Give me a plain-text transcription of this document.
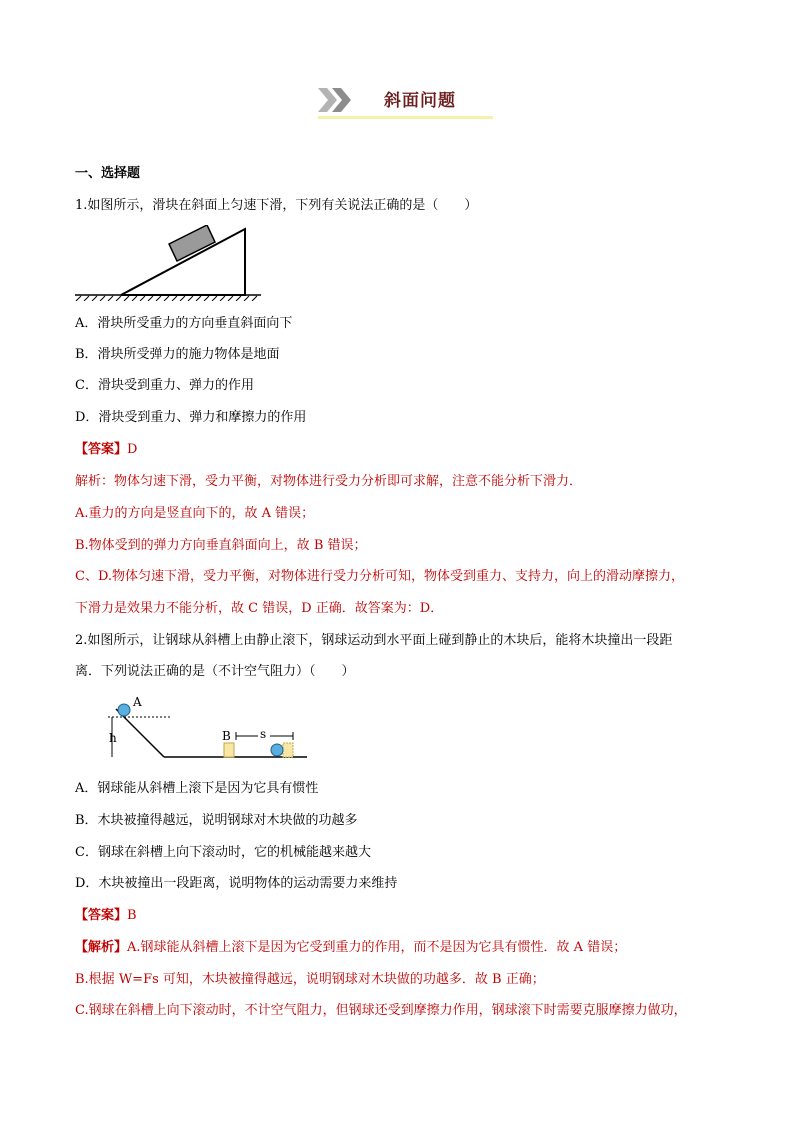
斜面问题
一、选择题
1.如图所示，滑块在斜面上匀速下滑，下列有关说法正确的是（　　）
A．滑块所受重力的方向垂直斜面向下
B．滑块所受弹力的施力物体是地面
C．滑块受到重力、弹力的作用
D．滑块受到重力、弹力和摩擦力的作用
【答案】D
解析：物体匀速下滑，受力平衡，对物体进行受力分析即可求解，注意不能分析下滑力．
A.重力的方向是竖直向下的，故 A 错误；
B.物体受到的弹力方向垂直斜面向上，故 B 错误；
C、D.物体匀速下滑，受力平衡，对物体进行受力分析可知，物体受到重力、支持力，向上的滑动摩擦力，
下滑力是效果力不能分析，故 C 错误，D 正确．故答案为：D．
2.如图所示，让钢球从斜槽上由静止滚下，钢球运动到水平面上碰到静止的木块后，能将木块撞出一段距
离．下列说法正确的是（不计空气阻力）（　　）
h
A
B s
A．钢球能从斜槽上滚下是因为它具有惯性
B．木块被撞得越远，说明钢球对木块做的功越多
C．钢球在斜槽上向下滚动时，它的机械能越来越大
D．木块被撞出一段距离，说明物体的运动需要力来维持
【答案】B
【解析】A.钢球能从斜槽上滚下是因为它受到重力的作用，而不是因为它具有惯性．故 A 错误；
B.根据 W=Fs 可知，木块被撞得越远，说明钢球对木块做的功越多．故 B 正确；
C.钢球在斜槽上向下滚动时，不计空气阻力，但钢球还受到摩擦力作用，钢球滚下时需要克服摩擦力做功，
